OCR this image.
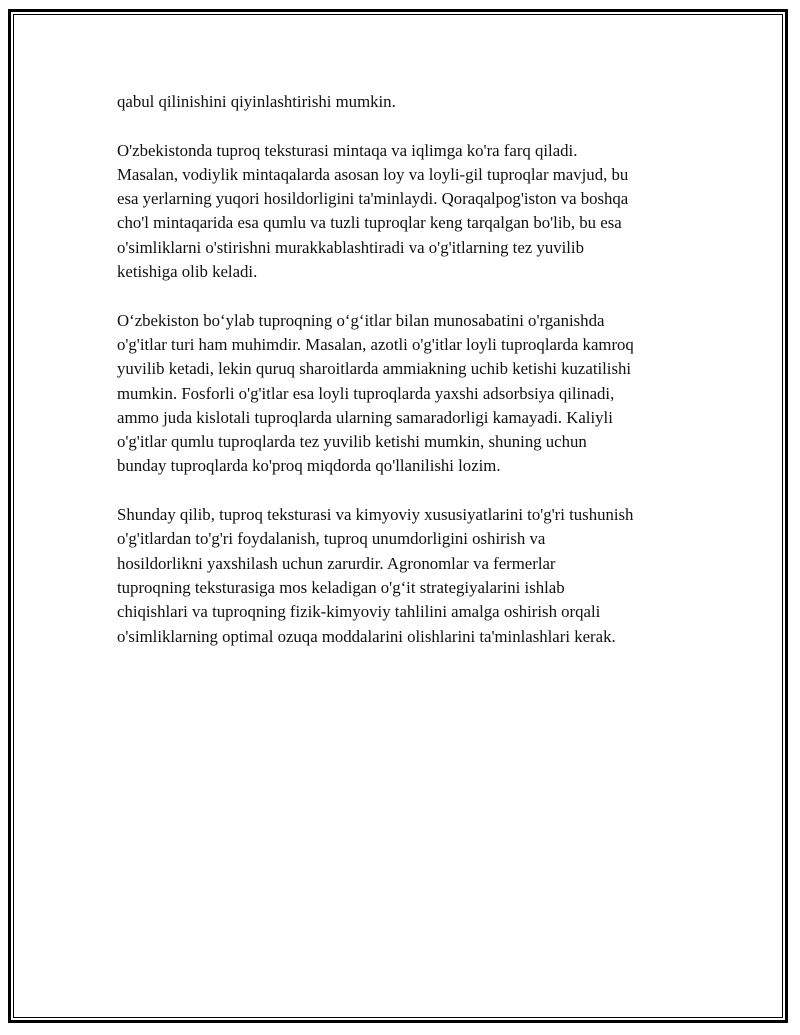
qabul qilinishini qiyinlashtirishi mumkin.

O'zbekistonda tuproq teksturasi mintaqa va iqlimga ko'ra farq qiladi.
Masalan, vodiylik mintaqalarda asosan loy va loyli-gil tuproqlar mavjud, bu
esa yerlarning yuqori hosildorligini ta'minlaydi. Qoraqalpog'iston va boshqa
cho'l mintaqarida esa qumlu va tuzli tuproqlar keng tarqalgan bo'lib, bu esa
o'simliklarni o'stirishni murakkablashtiradi va o'g'itlarning tez yuvilib
ketishiga olib keladi.

O‘zbekiston bo‘ylab tuproqning o‘g‘itlar bilan munosabatini o'rganishda
o'g'itlar turi ham muhimdir. Masalan, azotli o'g'itlar loyli tuproqlarda kamroq
yuvilib ketadi, lekin quruq sharoitlarda ammiakning uchib ketishi kuzatilishi
mumkin. Fosforli o'g'itlar esa loyli tuproqlarda yaxshi adsorbsiya qilinadi,
ammo juda kislotali tuproqlarda ularning samaradorligi kamayadi. Kaliyli
o'g'itlar qumlu tuproqlarda tez yuvilib ketishi mumkin, shuning uchun
bunday tuproqlarda ko'proq miqdorda qo'llanilishi lozim.

Shunday qilib, tuproq teksturasi va kimyoviy xususiyatlarini to'g'ri tushunish
o'g'itlardan to'g'ri foydalanish, tuproq unumdorligini oshirish va
hosildorlikni yaxshilash uchun zarurdir. Agronomlar va fermerlar
tuproqning teksturasiga mos keladigan o'g‘it strategiyalarini ishlab
chiqishlari va tuproqning fizik-kimyoviy tahlilini amalga oshirish orqali
o'simliklarning optimal ozuqa moddalarini olishlarini ta'minlashlari kerak.
